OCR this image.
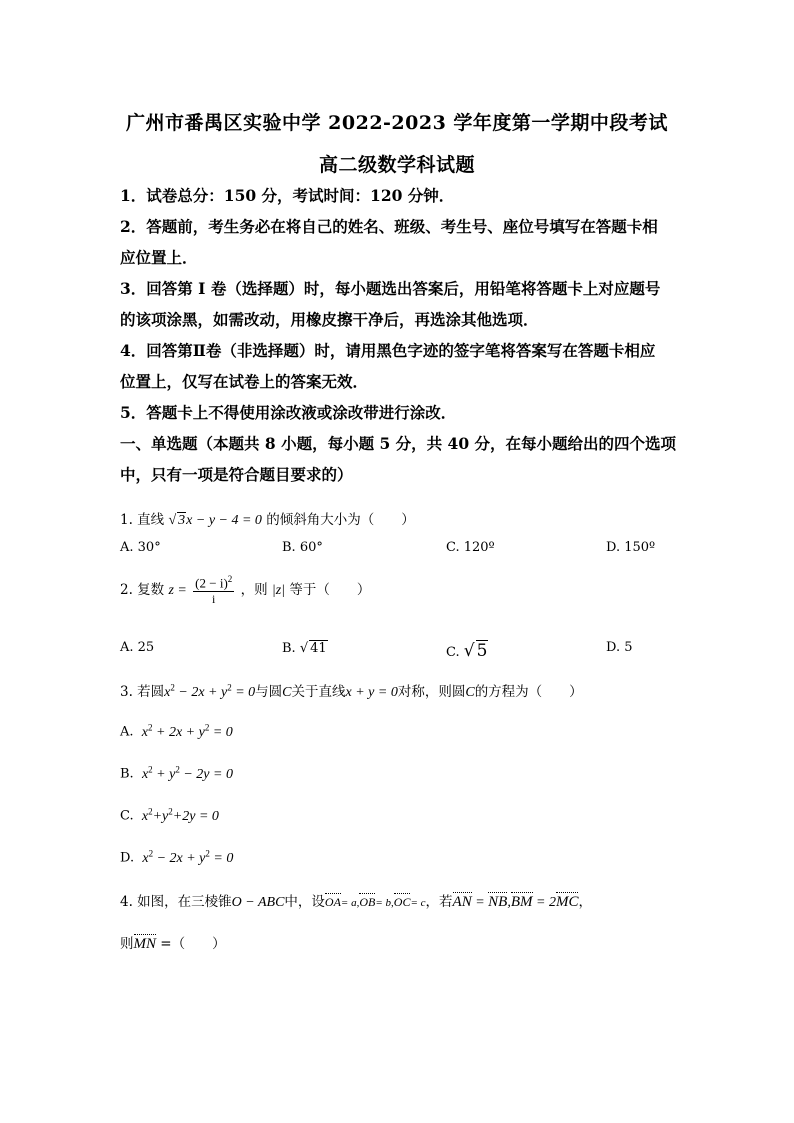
广州市番禺区实验中学 2022-2023 学年度第一学期中段考试
高二级数学科试题
1．试卷总分：150 分，考试时间：120 分钟．
2．答题前，考生务必在将自己的姓名、班级、考生号、座位号填写在答题卡相
应位置上．
3．回答第 I 卷（选择题）时，每小题选出答案后，用铅笔将答题卡上对应题号
的该项涂黑，如需改动，用橡皮擦干净后，再选涂其他选项．
4．回答第Ⅱ卷（非选择题）时，请用黑色字迹的签字笔将答案写在答题卡相应
位置上，仅写在试卷上的答案无效．
5．答题卡上不得使用涂改液或涂改带进行涂改．
一、单选题（本题共 8 小题，每小题 5 分，共 40 分，在每小题给出的四个选项
中，只有一项是符合题目要求的）
1. 直线 √ 3x − y − 4 = 0 的倾斜角大小为（　　）
A. 30°	B. 60°	C. 120º	D. 150º
2. 复数 $z = \frac{(2 - i)^2}{i}$ ，则 |z| 等于（　　）
A. 25	B. √ 41	C. √ 5	D. 5
3. 若圆$x^2 - 2x + y^2 = 0$与圆C关于直线x + y = 0对称，则圆C的方程为（　　）
A. $x^2 + 2x + y^2 = 0$
B. $x^2 + y^2 - 2y = 0$
C. $x^2+y^2+2y = 0$
D. $x^2 - 2x + y^2 = 0$
4. 如图，在三棱锥O − ABC中，设OA= a,OB= b,OC= c，若AN = NB,BM = 2MC，
则MN =（　　）
